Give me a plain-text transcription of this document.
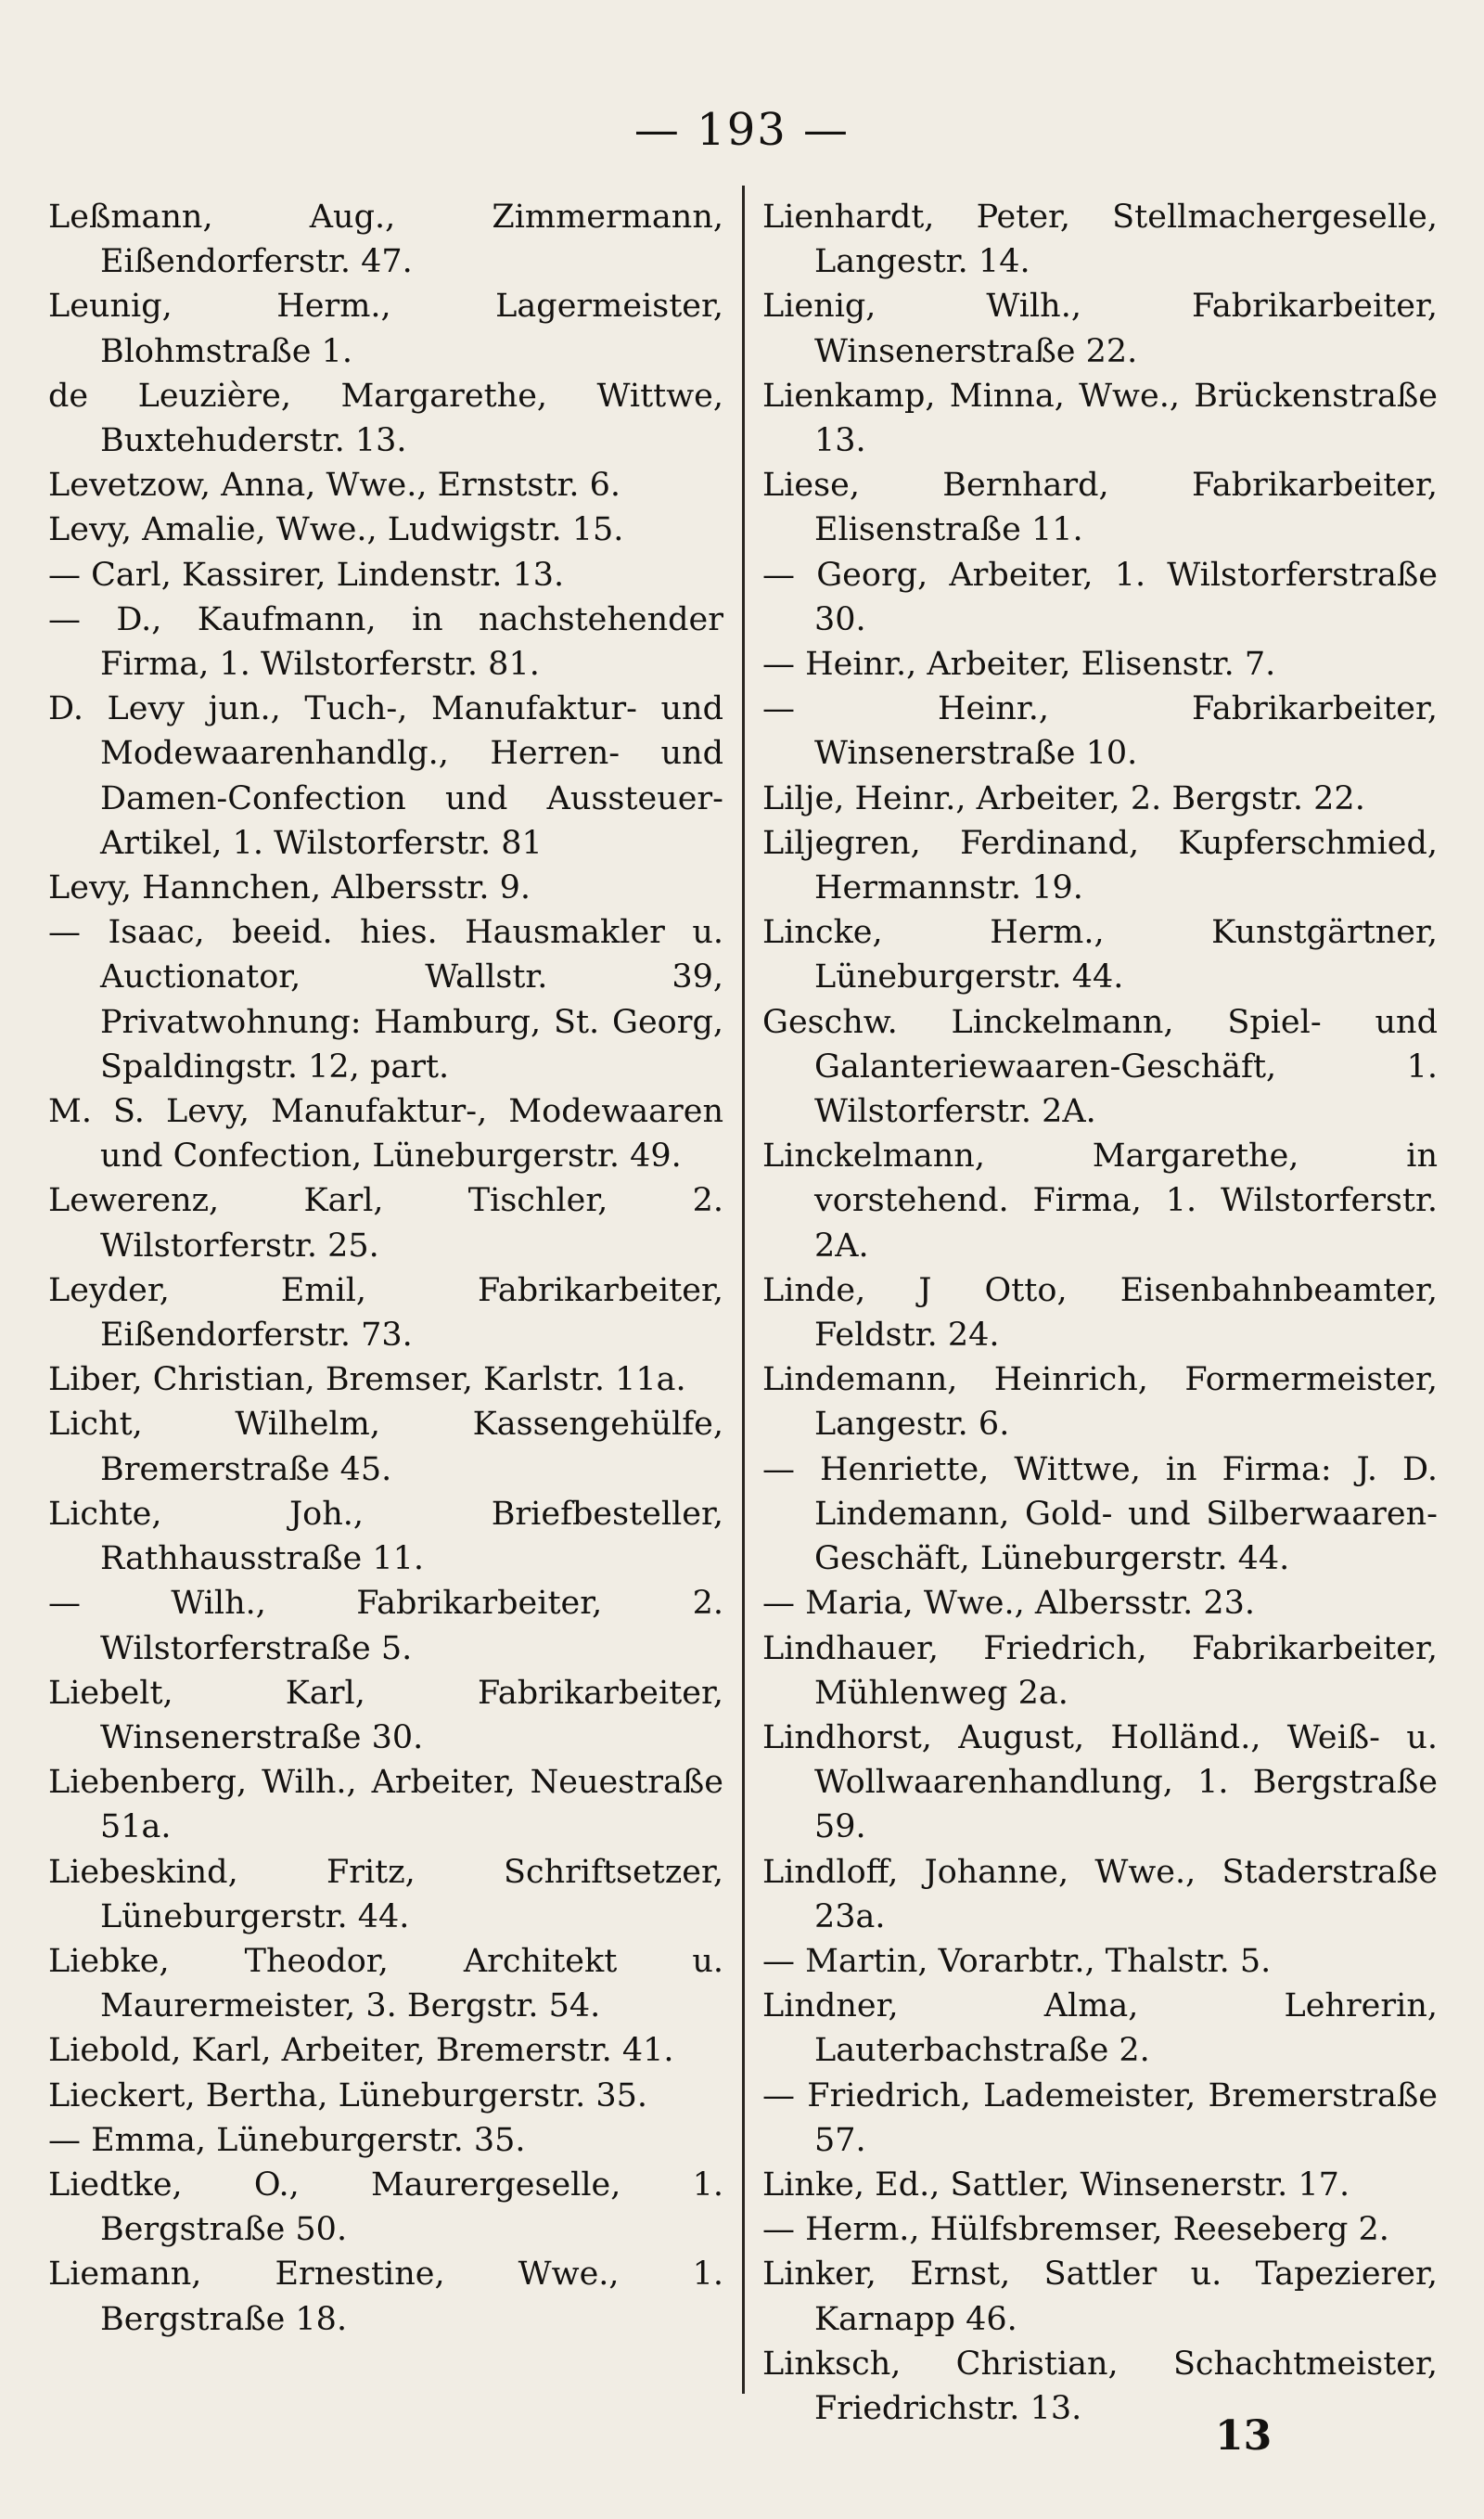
— 193 —
Leßmann, Aug., Zimmermann, Eißendorferstr. 47.
Leunig, Herm., Lagermeister, Blohmstraße 1.
de Leuzière, Margarethe, Wittwe, Buxtehuderstr. 13.
Levetzow, Anna, Wwe., Ernststr. 6.
Levy, Amalie, Wwe., Ludwigstr. 15.
— Carl, Kassirer, Lindenstr. 13.
— D., Kaufmann, in nachstehender Firma, 1. Wilstorferstr. 81.
D. Levy jun., Tuch-, Manufaktur- und Modewaarenhandlg., Herren- und Damen-Confection und Aussteuer-Artikel, 1. Wilstorferstr. 81
Levy, Hannchen, Albersstr. 9.
— Isaac, beeid. hies. Hausmakler u. Auctionator, Wallstr. 39, Privatwohnung: Hamburg, St. Georg, Spaldingstr. 12, part.
M. S. Levy, Manufaktur-, Modewaaren und Confection, Lüneburgerstr. 49.
Lewerenz, Karl, Tischler, 2. Wilstorferstr. 25.
Leyder, Emil, Fabrikarbeiter, Eißendorferstr. 73.
Liber, Christian, Bremser, Karlstr. 11a.
Licht, Wilhelm, Kassengehülfe, Bremerstraße 45.
Lichte, Joh., Briefbesteller, Rathhausstraße 11.
— Wilh., Fabrikarbeiter, 2. Wilstorferstraße 5.
Liebelt, Karl, Fabrikarbeiter, Winsenerstraße 30.
Liebenberg, Wilh., Arbeiter, Neuestraße 51a.
Liebeskind, Fritz, Schriftsetzer, Lüneburgerstr. 44.
Liebke, Theodor, Architekt u. Maurermeister, 3. Bergstr. 54.
Liebold, Karl, Arbeiter, Bremerstr. 41.
Lieckert, Bertha, Lüneburgerstr. 35.
— Emma, Lüneburgerstr. 35.
Liedtke, O., Maurergeselle, 1. Bergstraße 50.
Liemann, Ernestine, Wwe., 1. Bergstraße 18.
Lienhardt, Peter, Stellmachergeselle, Langestr. 14.
Lienig, Wilh., Fabrikarbeiter, Winsenerstraße 22.
Lienkamp, Minna, Wwe., Brückenstraße 13.
Liese, Bernhard, Fabrikarbeiter, Elisenstraße 11.
— Georg, Arbeiter, 1. Wilstorferstraße 30.
— Heinr., Arbeiter, Elisenstr. 7.
— Heinr., Fabrikarbeiter, Winsenerstraße 10.
Lilje, Heinr., Arbeiter, 2. Bergstr. 22.
Liljegren, Ferdinand, Kupferschmied, Hermannstr. 19.
Lincke, Herm., Kunstgärtner, Lüneburgerstr. 44.
Geschw. Linckelmann, Spiel- und Galanteriewaaren-Geschäft, 1. Wilstorferstr. 2A.
Linckelmann, Margarethe, in vorstehend. Firma, 1. Wilstorferstr. 2A.
Linde, J Otto, Eisenbahnbeamter, Feldstr. 24.
Lindemann, Heinrich, Formermeister, Langestr. 6.
— Henriette, Wittwe, in Firma: J. D. Lindemann, Gold- und Silberwaaren-Geschäft, Lüneburgerstr. 44.
— Maria, Wwe., Albersstr. 23.
Lindhauer, Friedrich, Fabrikarbeiter, Mühlenweg 2a.
Lindhorst, August, Holländ., Weiß- u. Wollwaarenhandlung, 1. Bergstraße 59.
Lindloff, Johanne, Wwe., Staderstraße 23a.
— Martin, Vorarbtr., Thalstr. 5.
Lindner, Alma, Lehrerin, Lauterbachstraße 2.
— Friedrich, Lademeister, Bremerstraße 57.
Linke, Ed., Sattler, Winsenerstr. 17.
— Herm., Hülfsbremser, Reeseberg 2.
Linker, Ernst, Sattler u. Tapezierer, Karnapp 46.
Linksch, Christian, Schachtmeister, Friedrichstr. 13.
13
